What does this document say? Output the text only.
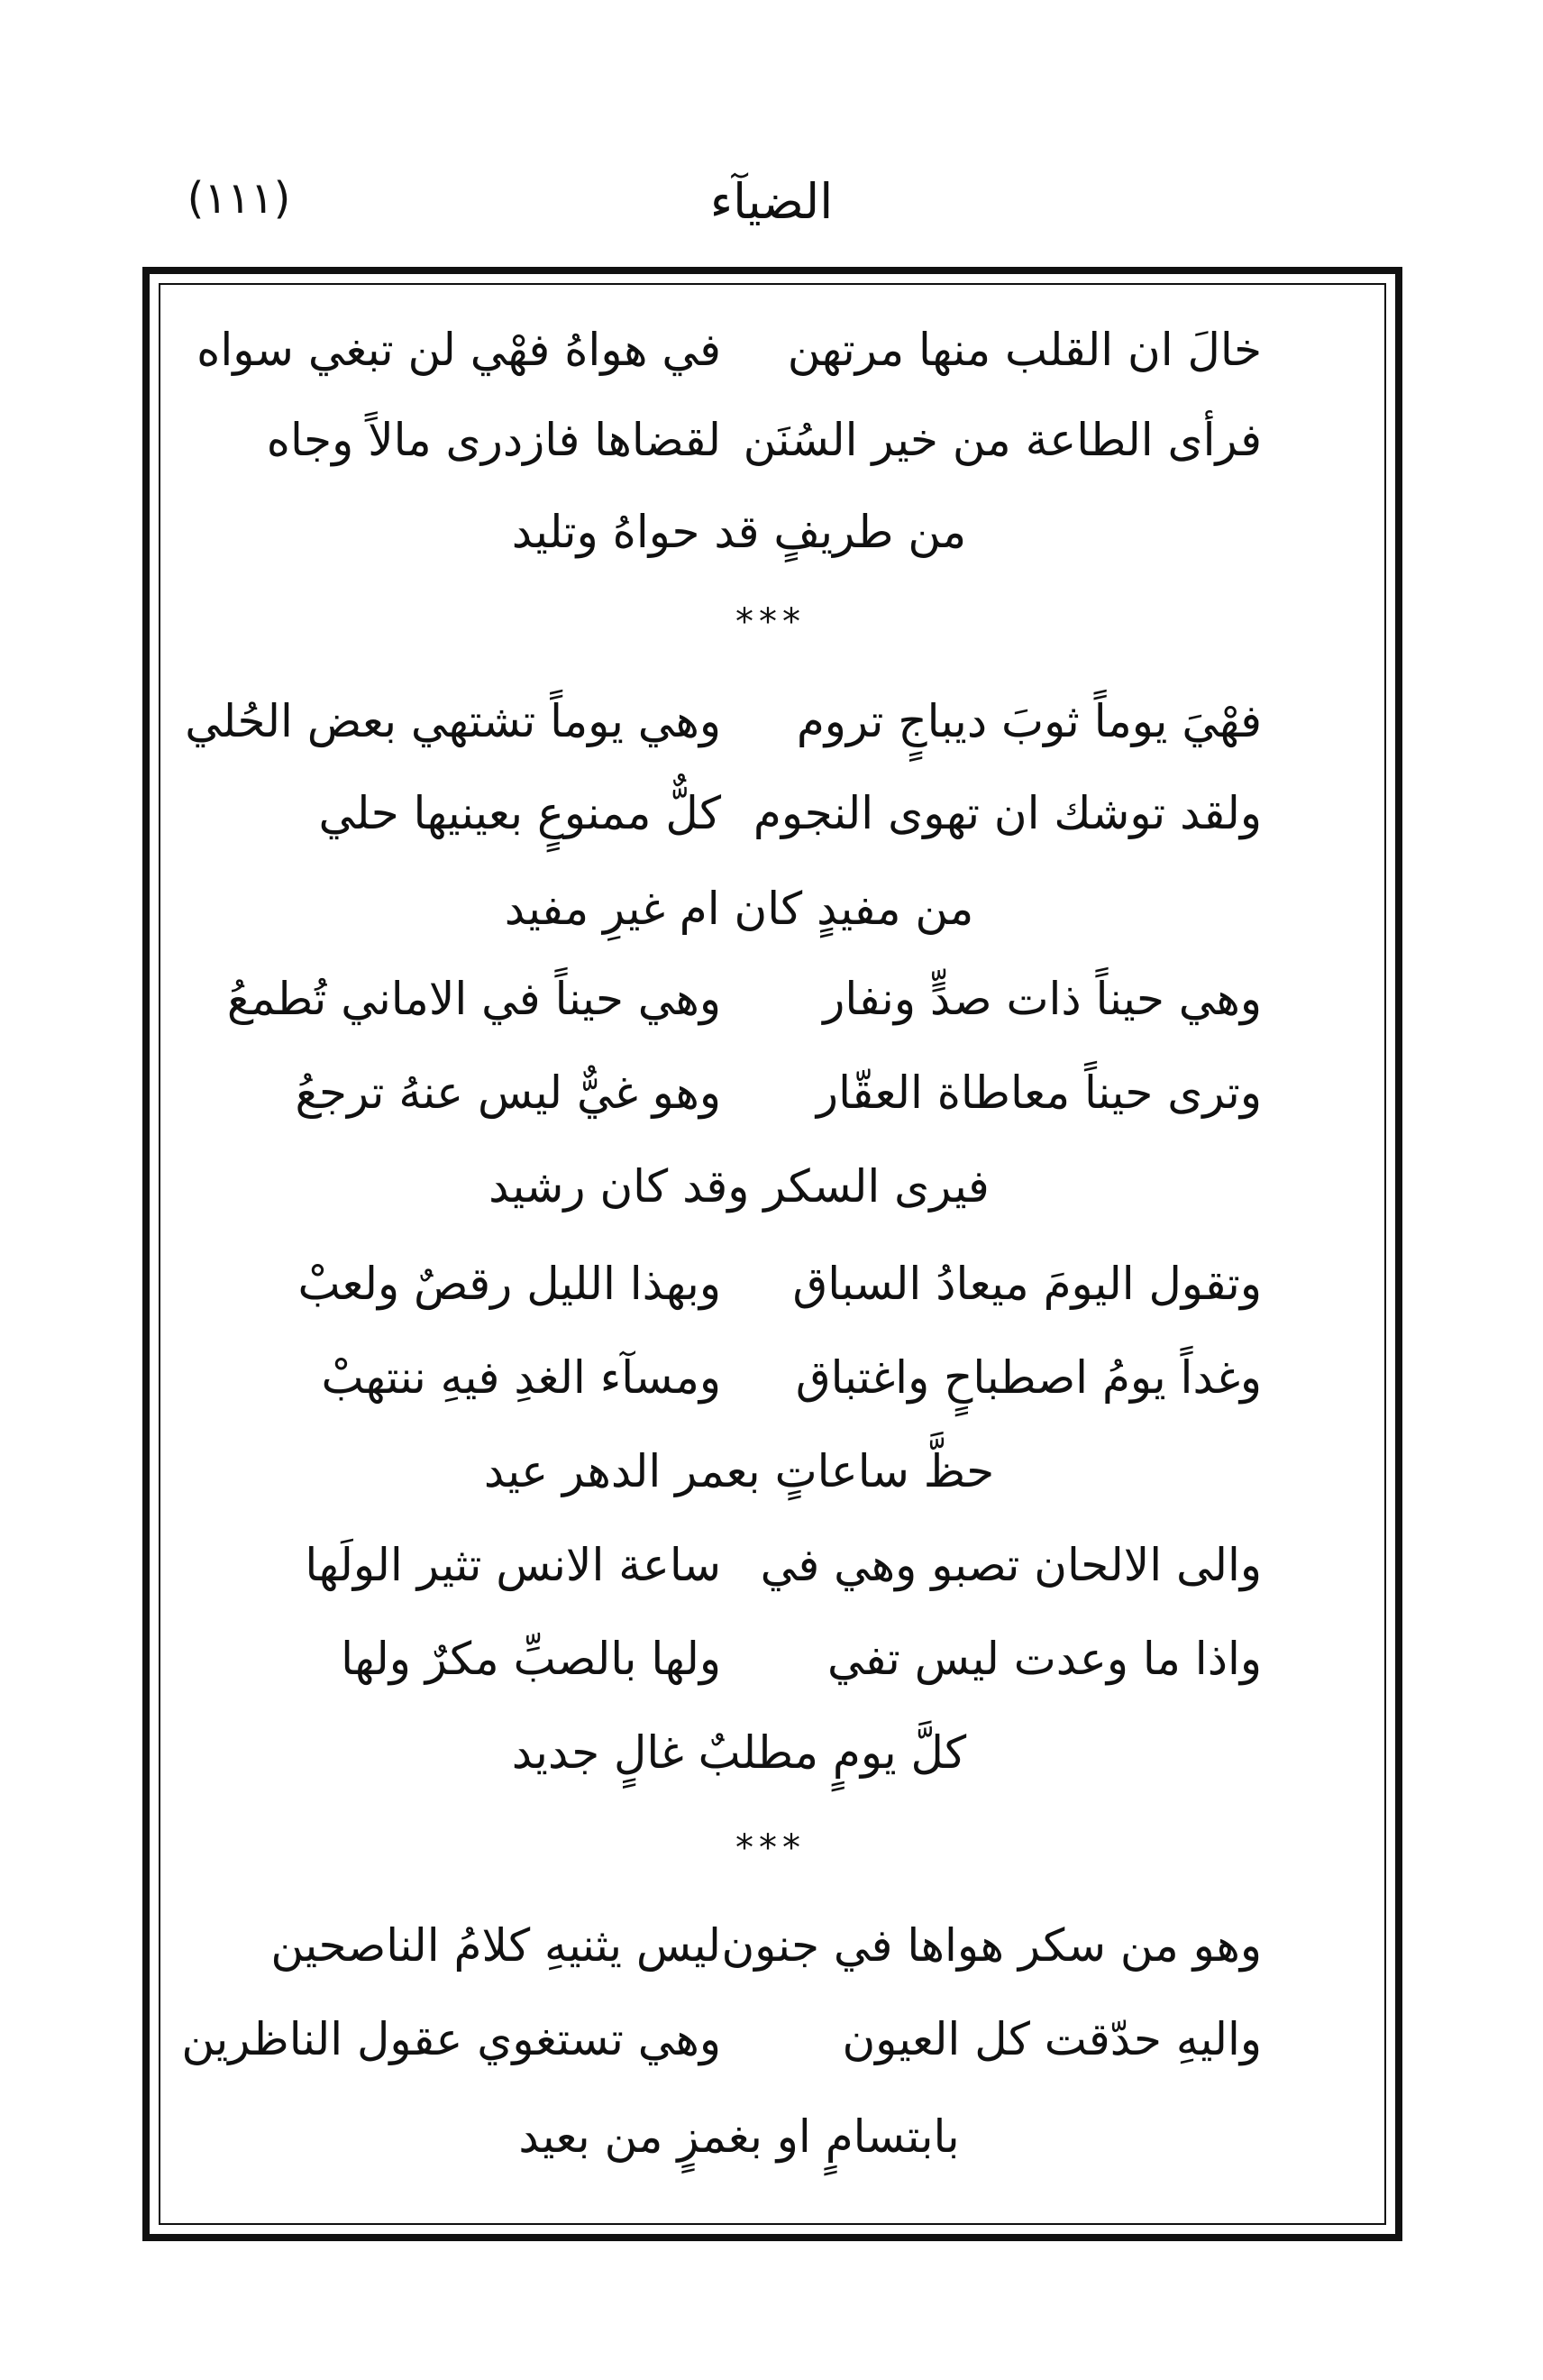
الضيآء
(١١١)
خالَ ان القلب منها مرتهن
في هواهُ فهْي لن تبغي سواه
فرأى الطاعة من خير السُنَن
لقضاها فازدرى مالاً وجاه
من طريفٍ قد حواهُ وتليد
***
فهْيَ يوماً ثوبَ ديباجٍ تروم
وهي يوماً تشتهي بعض الحُلي
ولقد توشك ان تهوى النجوم
كلٌّ ممنوعٍ بعينيها حلي
من مفيدٍ كان ام غيرِ مفيد
وهي حيناً ذات صدٍّ ونفار
وهي حيناً في الاماني تُطمعُ
وترى حيناً معاطاة العقّار
وهو غيٌّ ليس عنهُ ترجعُ
فيرى السكر وقد كان رشيد
وتقول اليومَ ميعادُ السباق
وبهذا الليل رقصٌ ولعبْ
وغداً يومُ اصطباحٍ واغتباق
ومسآء الغدِ فيهِ ننتهبْ
حظَّ ساعاتٍ بعمر الدهر عيد
والى الالحان تصبو وهي في
ساعة الانس تثير الولَها
واذا ما وعدت ليس تفي
ولها بالصبِّ مكرٌ ولها
كلَّ يومٍ مطلبٌ غالٍ جديد
***
وهو من سكر هواها في جنون
ليس يثنيهِ كلامُ الناصحين
واليهِ حدّقت كل العيون
وهي تستغوي عقول الناظرين
بابتسامٍ او بغمزٍ من بعيد
